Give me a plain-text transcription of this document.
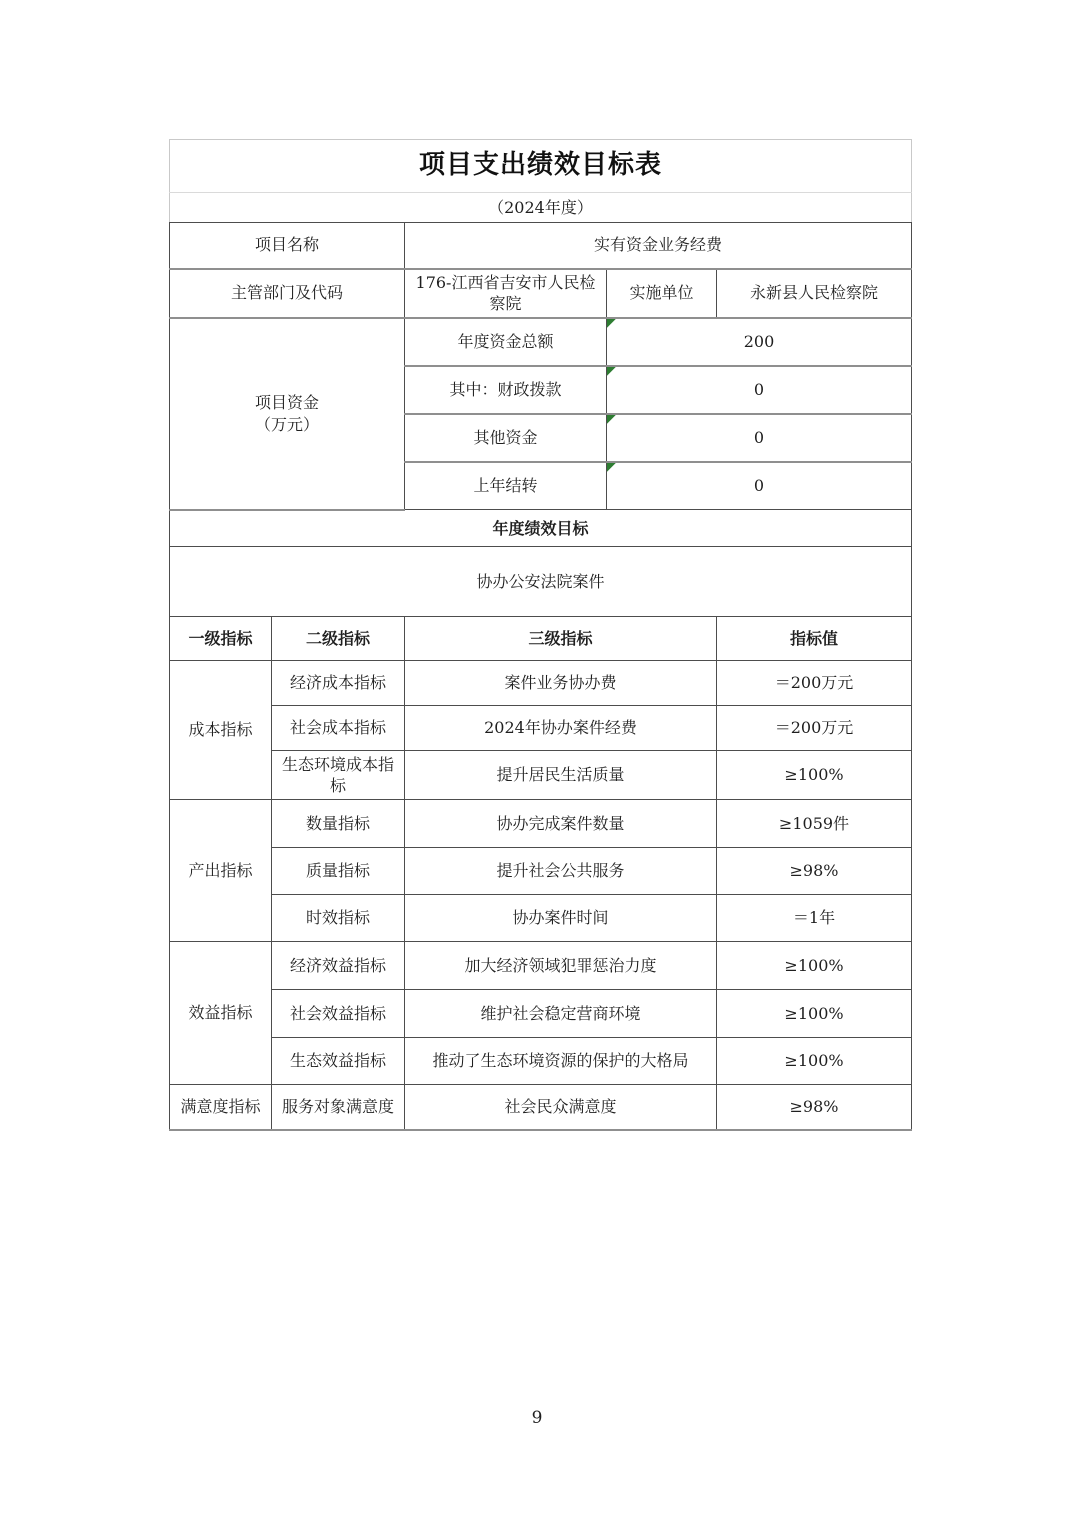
项目支出绩效目标表				
（2024年度）				
项目名称		实有资金业务经费		
主管部门及代码		176-江西省吉安市人民检察院	实施单位	永新县人民检察院

项目资金
（万元）		年度资金总额	200	
		其中：财政拨款	0	
		其他资金	0	
		上年结转	0	
年度绩效目标				
协办公安法院案件				
一级指标	二级指标	三级指标		指标值
成本指标	经济成本指标	案件业务协办费		＝200万元
	社会成本指标	2024年协办案件经费		＝200万元
	生态环境成本指标	提升居民生活质量		≥100%
产出指标	数量指标	协办完成案件数量		≥1059件
	质量指标	提升社会公共服务		≥98%
	时效指标	协办案件时间		＝1年
效益指标	经济效益指标	加大经济领域犯罪惩治力度		≥100%
	社会效益指标	维护社会稳定营商环境		≥100%
	生态效益指标	推动了生态环境资源的保护的大格局		≥100%
满意度指标	服务对象满意度	社会民众满意度		≥98%
9
